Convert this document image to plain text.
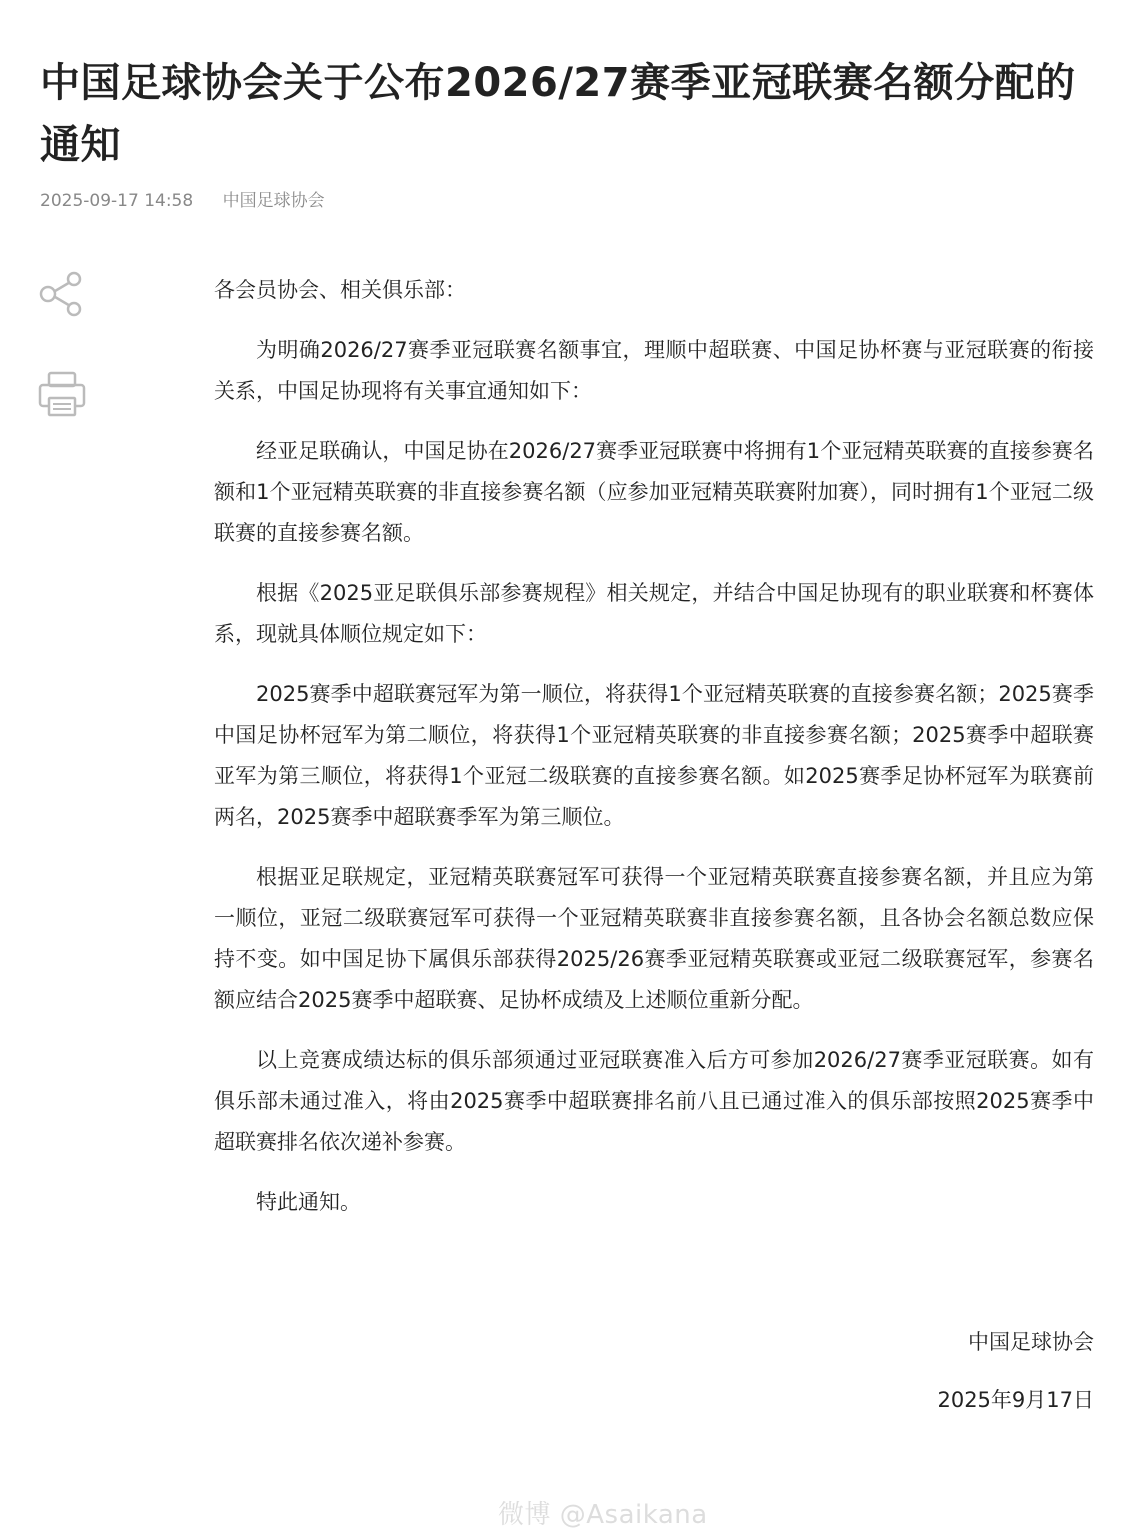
中国足球协会关于公布2026/27赛季亚冠联赛名额分配的通知
2025-09-17 14:58 中国足球协会

各会员协会、相关俱乐部：

为明确2026/27赛季亚冠联赛名额事宜，理顺中超联赛、中国足协杯赛与亚冠联赛的衔接关系，中国足协现将有关事宜通知如下：

经亚足联确认，中国足协在2026/27赛季亚冠联赛中将拥有1个亚冠精英联赛的直接参赛名额和1个亚冠精英联赛的非直接参赛名额（应参加亚冠精英联赛附加赛），同时拥有1个亚冠二级联赛的直接参赛名额。

根据《2025亚足联俱乐部参赛规程》相关规定，并结合中国足协现有的职业联赛和杯赛体系，现就具体顺位规定如下：

2025赛季中超联赛冠军为第一顺位，将获得1个亚冠精英联赛的直接参赛名额；2025赛季中国足协杯冠军为第二顺位，将获得1个亚冠精英联赛的非直接参赛名额；2025赛季中超联赛亚军为第三顺位，将获得1个亚冠二级联赛的直接参赛名额。如2025赛季足协杯冠军为联赛前两名，2025赛季中超联赛季军为第三顺位。

根据亚足联规定，亚冠精英联赛冠军可获得一个亚冠精英联赛直接参赛名额，并且应为第一顺位，亚冠二级联赛冠军可获得一个亚冠精英联赛非直接参赛名额，且各协会名额总数应保持不变。如中国足协下属俱乐部获得2025/26赛季亚冠精英联赛或亚冠二级联赛冠军，参赛名额应结合2025赛季中超联赛、足协杯成绩及上述顺位重新分配。

以上竞赛成绩达标的俱乐部须通过亚冠联赛准入后方可参加2026/27赛季亚冠联赛。如有俱乐部未通过准入，将由2025赛季中超联赛排名前八且已通过准入的俱乐部按照2025赛季中超联赛排名依次递补参赛。

特此通知。

中国足球协会
2025年9月17日
微博 @Asaikana
